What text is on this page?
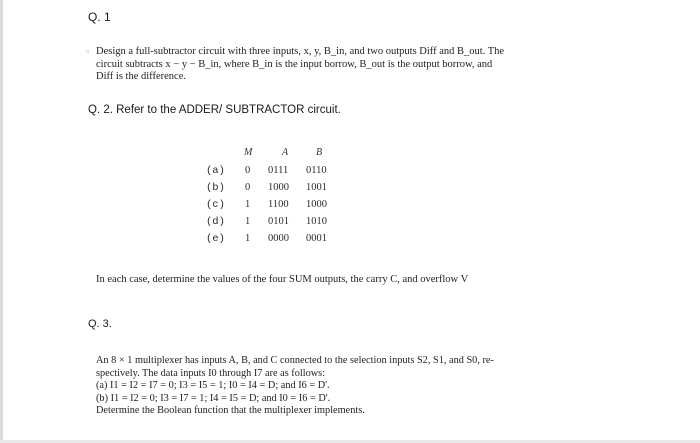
Q. 1
▫ Design a full-subtractor circuit with three inputs, x, y, B_in, and two outputs Diff and B_out. The
circuit subtracts x − y − B_in, where B_in is the input borrow, B_out is the output borrow, and
Diff is the difference.
Q. 2. Refer to the ADDER/ SUBTRACTOR circuit.
M	A	B
(a) 0 0111 0110
(b) 0 1000 1001
(c) 1 1100 1000
(d) 1 0101 1010
(e) 1 0000 0001
In each case, determine the values of the four SUM outputs, the carry C, and overflow V
Q. 3.
An 8 × 1 multiplexer has inputs A, B, and C connected to the selection inputs S2, S1, and S0, re-
spectively. The data inputs I0 through I7 are as follows:
(a) I1 = I2 = I7 = 0; I3 = I5 = 1; I0 = I4 = D; and I6 = D'.
(b) I1 = I2 = 0; I3 = I7 = 1; I4 = I5 = D; and I0 = I6 = D'.
Determine the Boolean function that the multiplexer implements.
